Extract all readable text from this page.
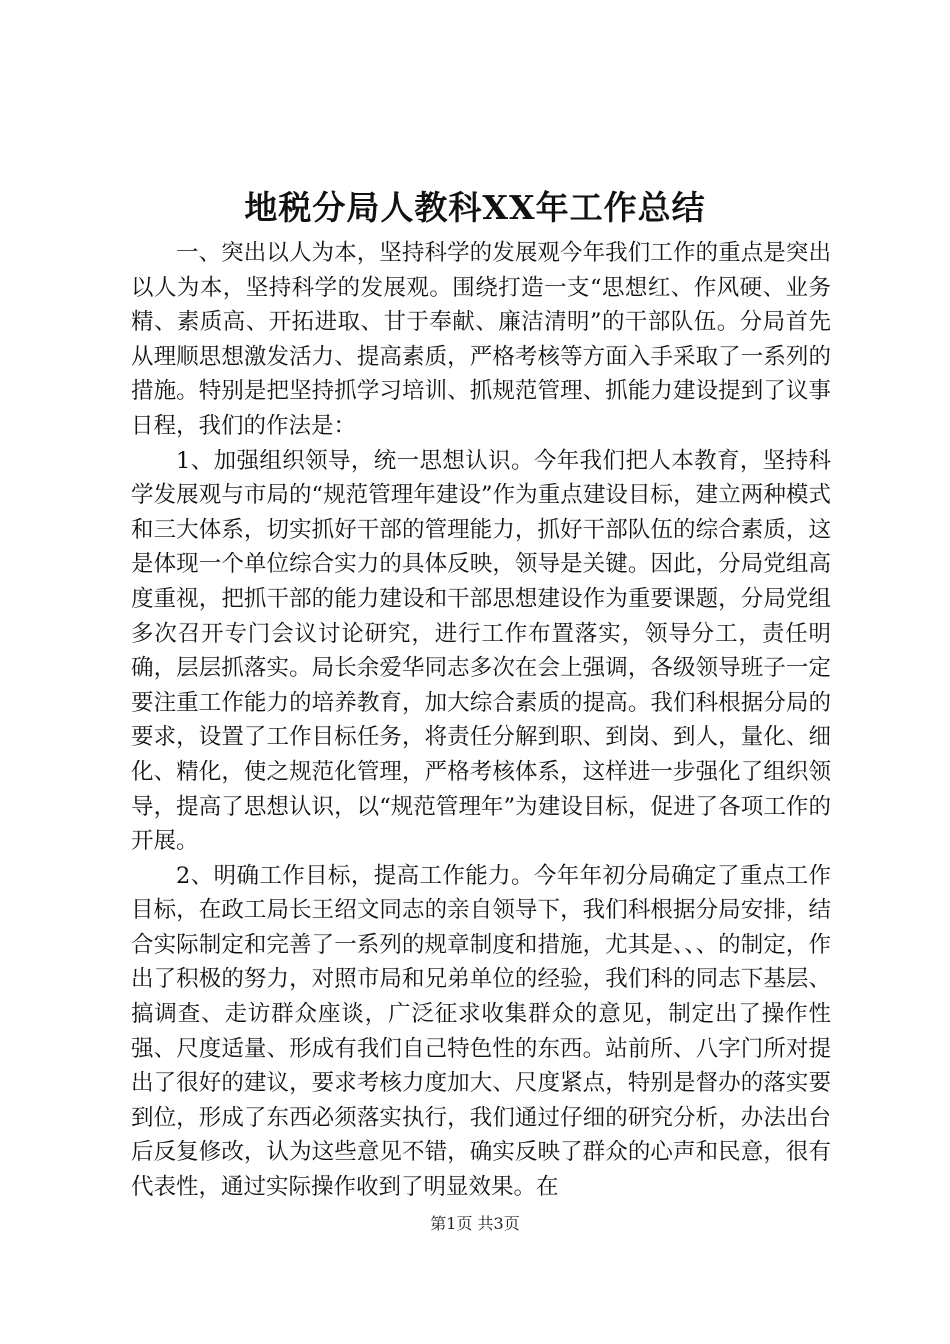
地税分局人教科XX年工作总结

一、突出以人为本，坚持科学的发展观今年我们工作的重点是突出以人为本，坚持科学的发展观。围绕打造一支“思想红、作风硬、业务精、素质高、开拓进取、甘于奉献、廉洁清明”的干部队伍。分局首先从理顺思想激发活力、提高素质，严格考核等方面入手采取了一系列的措施。特别是把坚持抓学习培训、抓规范管理、抓能力建设提到了议事日程，我们的作法是：

1、加强组织领导，统一思想认识。今年我们把人本教育，坚持科学发展观与市局的“规范管理年建设”作为重点建设目标，建立两种模式和三大体系，切实抓好干部的管理能力，抓好干部队伍的综合素质，这是体现一个单位综合实力的具体反映，领导是关键。因此，分局党组高度重视，把抓干部的能力建设和干部思想建设作为重要课题，分局党组多次召开专门会议讨论研究，进行工作布置落实，领导分工，责任明确，层层抓落实。局长余爱华同志多次在会上强调，各级领导班子一定要注重工作能力的培养教育，加大综合素质的提高。我们科根据分局的要求，设置了工作目标任务，将责任分解到职、到岗、到人，量化、细化、精化，使之规范化管理，严格考核体系，这样进一步强化了组织领导，提高了思想认识，以“规范管理年”为建设目标，促进了各项工作的开展。

2、明确工作目标，提高工作能力。今年年初分局确定了重点工作目标，在政工局长王绍文同志的亲自领导下，我们科根据分局安排，结合实际制定和完善了一系列的规章制度和措施，尤其是、、、的制定，作出了积极的努力，对照市局和兄弟单位的经验，我们科的同志下基层、搞调查、走访群众座谈，广泛征求收集群众的意见，制定出了操作性强、尺度适量、形成有我们自己特色性的东西。站前所、八字门所对提出了很好的建议，要求考核力度加大、尺度紧点，特别是督办的落实要到位，形成了东西必须落实执行，我们通过仔细的研究分析，办法出台后反复修改，认为这些意见不错，确实反映了群众的心声和民意，很有代表性，通过实际操作收到了明显效果。在

第1页 共3页
